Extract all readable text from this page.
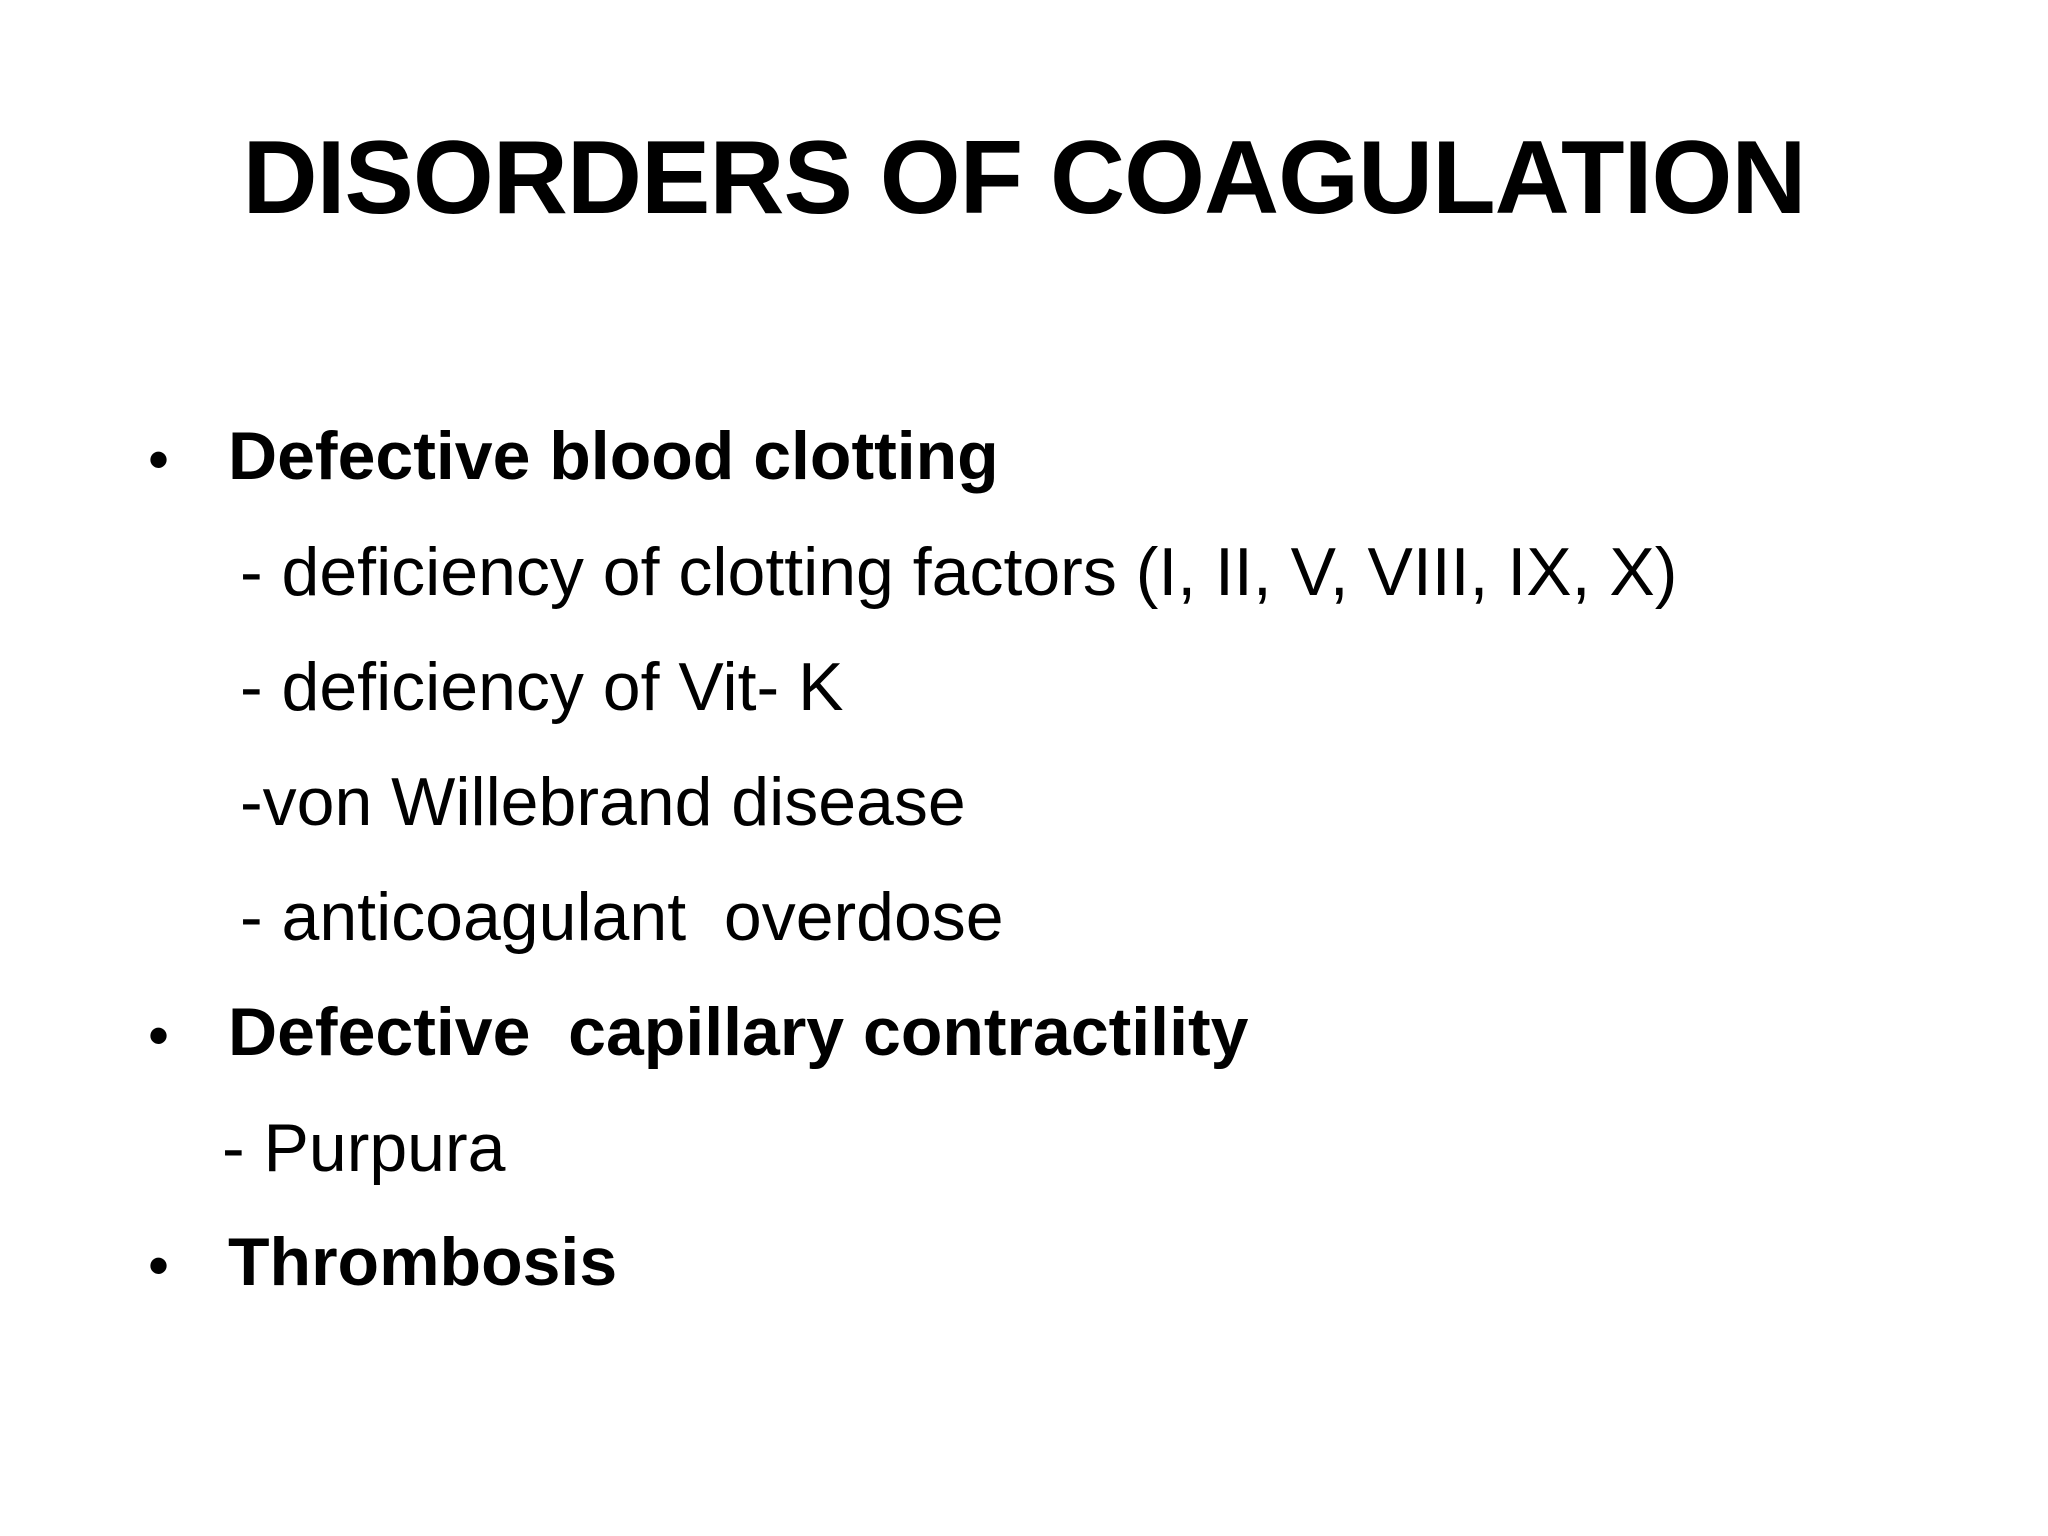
DISORDERS OF COAGULATION
• Defective blood clotting
- deficiency of clotting factors (I, II, V, VIII, IX, X)
- deficiency of Vit- K
-von Willebrand disease
- anticoagulant  overdose
• Defective  capillary contractility
- Purpura
• Thrombosis
